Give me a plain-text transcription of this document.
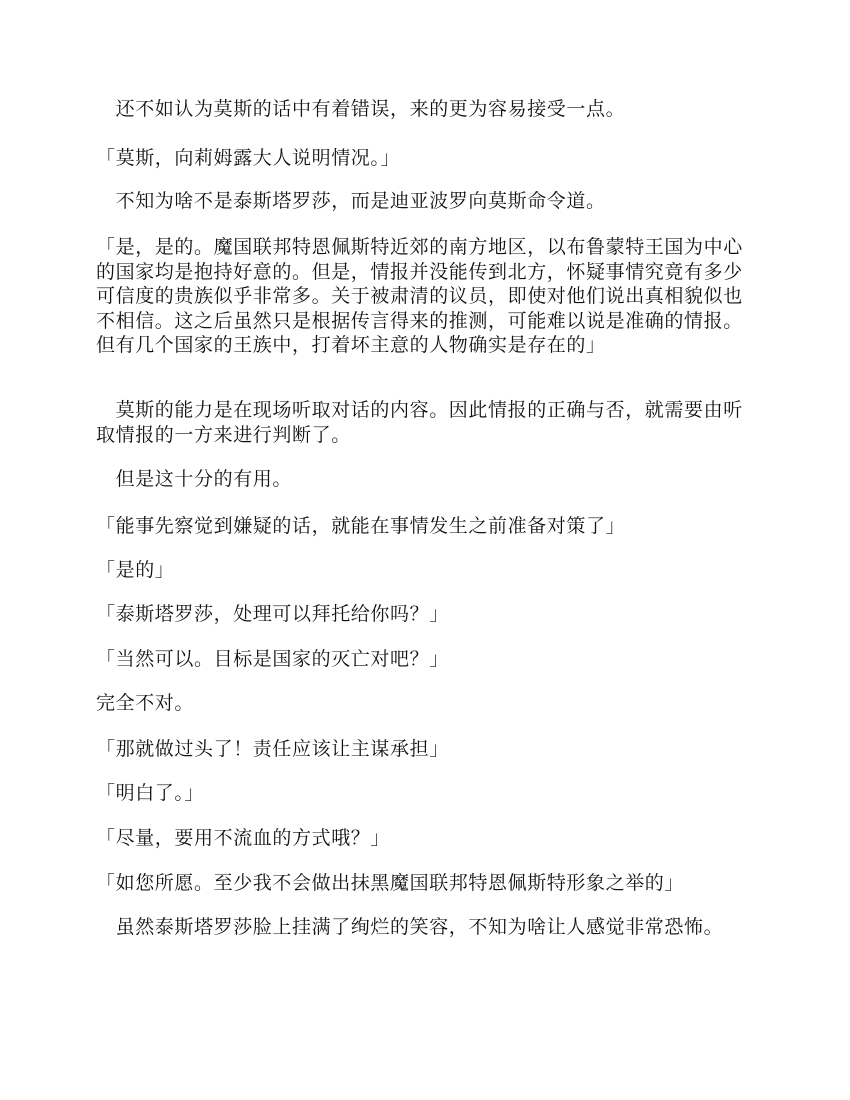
　还不如认为莫斯的话中有着错误，来的更为容易接受一点。

「莫斯，向莉姆露大人说明情况。」

　不知为啥不是泰斯塔罗莎，而是迪亚波罗向莫斯命令道。

「是，是的。魔国联邦特恩佩斯特近郊的南方地区，以布鲁蒙特王国为中心的国家均是抱持好意的。但是，情报并没能传到北方，怀疑事情究竟有多少可信度的贵族似乎非常多。关于被肃清的议员，即使对他们说出真相貌似也不相信。这之后虽然只是根据传言得来的推测，可能难以说是准确的情报。但有几个国家的王族中，打着坏主意的人物确实是存在的」

　莫斯的能力是在现场听取对话的内容。因此情报的正确与否，就需要由听取情报的一方来进行判断了。

　但是这十分的有用。

「能事先察觉到嫌疑的话，就能在事情发生之前准备对策了」

「是的」

「泰斯塔罗莎，处理可以拜托给你吗？」

「当然可以。目标是国家的灭亡对吧？」

完全不对。

「那就做过头了！责任应该让主谋承担」

「明白了。」

「尽量，要用不流血的方式哦？」

「如您所愿。至少我不会做出抹黑魔国联邦特恩佩斯特形象之举的」

　虽然泰斯塔罗莎脸上挂满了绚烂的笑容，不知为啥让人感觉非常恐怖。
